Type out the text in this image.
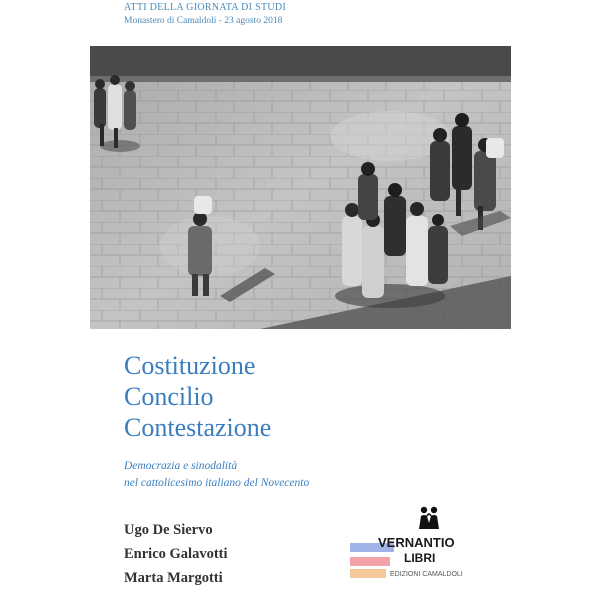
ATTI DELLA GIORNATA DI STUDI
Monastero di Camaldoli - 23 agosto 2018
Costituzione
Concilio
Contestazione
Democrazia e sinodalità
nel cattolicesimo italiano del Novecento
Ugo De Siervo
Enrico Galavotti
Marta Margotti
VERNANTIO
LIBRI
EDIZIONI CAMALDOLI
